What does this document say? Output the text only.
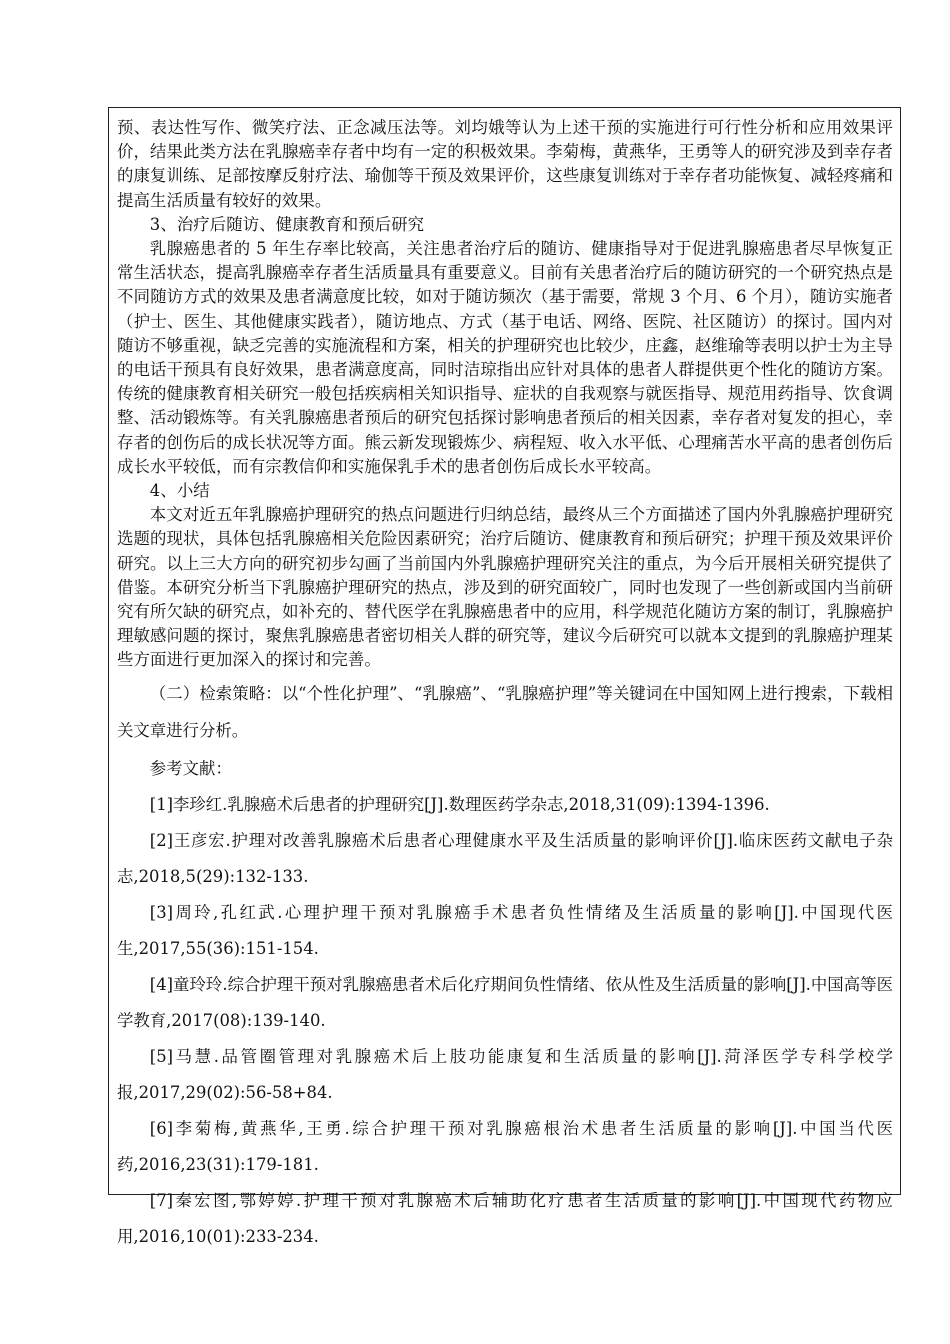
预、表达性写作、微笑疗法、正念减压法等。刘均娥等认为上述干预的实施进行可行性分析和应用效果评价，结果此类方法在乳腺癌幸存者中均有一定的积极效果。李菊梅，黄燕华，王勇等人的研究涉及到幸存者的康复训练、足部按摩反射疗法、瑜伽等干预及效果评价，这些康复训练对于幸存者功能恢复、减轻疼痛和提高生活质量有较好的效果。

3、治疗后随访、健康教育和预后研究

乳腺癌患者的 5 年生存率比较高，关注患者治疗后的随访、健康指导对于促进乳腺癌患者尽早恢复正常生活状态，提高乳腺癌幸存者生活质量具有重要意义。目前有关患者治疗后的随访研究的一个研究热点是不同随访方式的效果及患者满意度比较，如对于随访频次（基于需要，常规 3 个月、6 个月），随访实施者（护士、医生、其他健康实践者），随访地点、方式（基于电话、网络、医院、社区随访）的探讨。国内对随访不够重视，缺乏完善的实施流程和方案，相关的护理研究也比较少，庄鑫，赵维瑜等表明以护士为主导的电话干预具有良好效果，患者满意度高，同时洁琼指出应针对具体的患者人群提供更个性化的随访方案。传统的健康教育相关研究一般包括疾病相关知识指导、症状的自我观察与就医指导、规范用药指导、饮食调整、活动锻炼等。有关乳腺癌患者预后的研究包括探讨影响患者预后的相关因素，幸存者对复发的担心，幸存者的创伤后的成长状况等方面。熊云新发现锻炼少、病程短、收入水平低、心理痛苦水平高的患者创伤后成长水平较低，而有宗教信仰和实施保乳手术的患者创伤后成长水平较高。

4、小结

本文对近五年乳腺癌护理研究的热点问题进行归纳总结，最终从三个方面描述了国内外乳腺癌护理研究选题的现状，具体包括乳腺癌相关危险因素研究；治疗后随访、健康教育和预后研究；护理干预及效果评价研究。以上三大方向的研究初步勾画了当前国内外乳腺癌护理研究关注的重点，为今后开展相关研究提供了借鉴。本研究分析当下乳腺癌护理研究的热点，涉及到的研究面较广，同时也发现了一些创新或国内当前研究有所欠缺的研究点，如补充的、替代医学在乳腺癌患者中的应用，科学规范化随访方案的制订，乳腺癌护理敏感问题的探讨，聚焦乳腺癌患者密切相关人群的研究等，建议今后研究可以就本文提到的乳腺癌护理某些方面进行更加深入的探讨和完善。

（二）检索策略：以“个性化护理”、“乳腺癌”、“乳腺癌护理”等关键词在中国知网上进行搜索，下载相关文章进行分析。

参考文献：

[1]李珍红.乳腺癌术后患者的护理研究[J].数理医药学杂志,2018,31(09):1394-1396.

[2]王彦宏.护理对改善乳腺癌术后患者心理健康水平及生活质量的影响评价[J].临床医药文献电子杂志,2018,5(29):132-133.

[3]周玲,孔红武.心理护理干预对乳腺癌手术患者负性情绪及生活质量的影响[J].中国现代医生,2017,55(36):151-154.

[4]童玲玲.综合护理干预对乳腺癌患者术后化疗期间负性情绪、依从性及生活质量的影响[J].中国高等医学教育,2017(08):139-140.

[5]马慧.品管圈管理对乳腺癌术后上肢功能康复和生活质量的影响[J].菏泽医学专科学校学报,2017,29(02):56-58+84.

[6]李菊梅,黄燕华,王勇.综合护理干预对乳腺癌根治术患者生活质量的影响[J].中国当代医药,2016,23(31):179-181.

[7]秦宏图,鄂婷婷.护理干预对乳腺癌术后辅助化疗患者生活质量的影响[J].中国现代药物应用,2016,10(01):233-234.
